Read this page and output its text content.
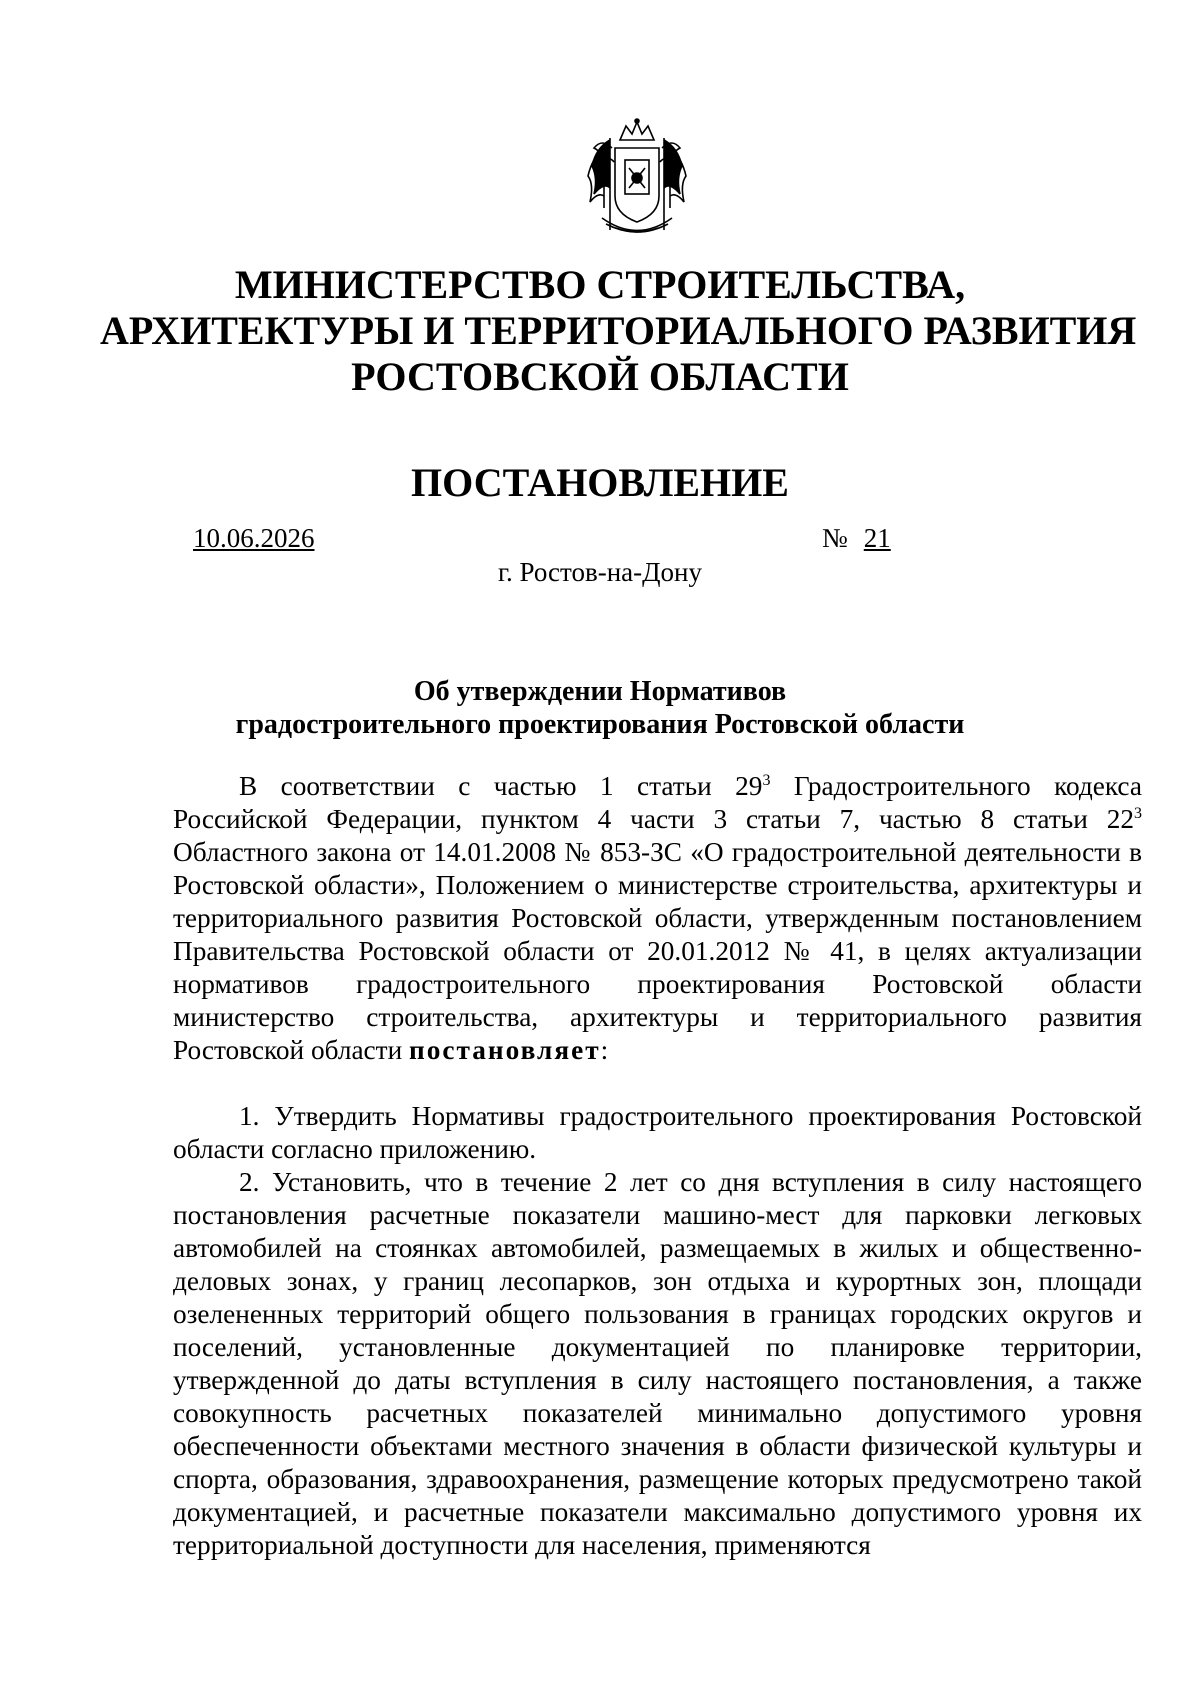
МИНИСТЕРСТВО СТРОИТЕЛЬСТВА,
АРХИТЕКТУРЫ И ТЕРРИТОРИАЛЬНОГО РАЗВИТИЯ
РОСТОВСКОЙ ОБЛАСТИ
ПОСТАНОВЛЕНИЕ
10.06.2026	№ 21
г. Ростов-на-Дону
Об утверждении Нормативов
градостроительного проектирования Ростовской области

В соответствии с частью 1 статьи $29^3$ Градостроительного кодекса Российской Федерации, пунктом 4 части 3 статьи 7, частью 8 статьи $22^3$ Областного закона от 14.01.2008 № 853-ЗС «О градостроительной деятельности в Ростовской области», Положением о министерстве строительства, архитектуры и территориального развития Ростовской области, утвержденным постановлением Правительства Ростовской области от 20.01.2012 № 41, в целях актуализации нормативов градостроительного проектирования Ростовской области министерство строительства, архитектуры и территориального развития Ростовской области постановляет:

1. Утвердить Нормативы градостроительного проектирования Ростовской области согласно приложению.

2. Установить, что в течение 2 лет со дня вступления в силу настоящего постановления расчетные показатели машино-мест для парковки легковых автомобилей на стоянках автомобилей, размещаемых в жилых и общественно-деловых зонах, у границ лесопарков, зон отдыха и курортных зон, площади озелененных территорий общего пользования в границах городских округов и поселений, установленные документацией по планировке территории, утвержденной до даты вступления в силу настоящего постановления, а также совокупность расчетных показателей минимально допустимого уровня обеспеченности объектами местного значения в области физической культуры и спорта, образования, здравоохранения, размещение которых предусмотрено такой документацией, и расчетные показатели максимально допустимого уровня их территориальной доступности для населения, применяются
